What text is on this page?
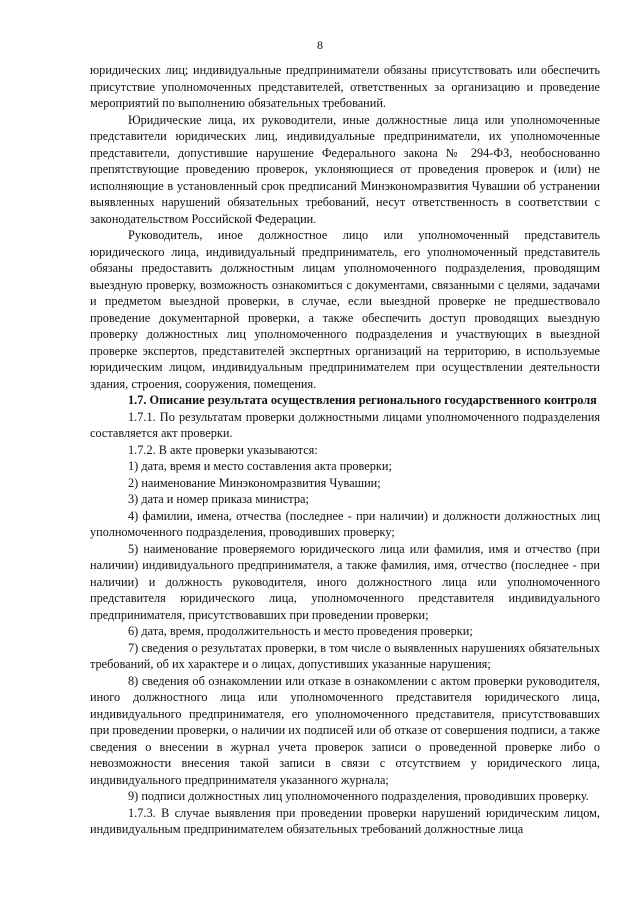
8

юридических лиц; индивидуальные предприниматели обязаны присутствовать или обеспечить присутствие уполномоченных представителей, ответственных за организацию и проведение мероприятий по выполнению обязательных требований.

Юридические лица, их руководители, иные должностные лица или уполномоченные представители юридических лиц, индивидуальные предприниматели, их уполномоченные представители, допустившие нарушение Федерального закона № 294-ФЗ, необоснованно препятствующие проведению проверок, уклоняющиеся от проведения проверок и (или) не исполняющие в установленный срок предписаний Минэкономразвития Чувашии об устранении выявленных нарушений обязательных требований, несут ответственность в соответствии с законодательством Российской Федерации.

Руководитель, иное должностное лицо или уполномоченный представитель юридического лица, индивидуальный предприниматель, его уполномоченный представитель обязаны предоставить должностным лицам уполномоченного подразделения, проводящим выездную проверку, возможность ознакомиться с документами, связанными с целями, задачами и предметом выездной проверки, в случае, если выездной проверке не предшествовало проведение документарной проверки, а также обеспечить доступ проводящих выездную проверку должностных лиц уполномоченного подразделения и участвующих в выездной проверке экспертов, представителей экспертных организаций на территорию, в используемые юридическим лицом, индивидуальным предпринимателем при осуществлении деятельности здания, строения, сооружения, помещения.

1.7. Описание результата осуществления регионального государственного контроля

1.7.1. По результатам проверки должностными лицами уполномоченного подразделения составляется акт проверки.

1.7.2. В акте проверки указываются:

1) дата, время и место составления акта проверки;

2) наименование Минэкономразвития Чувашии;

3) дата и номер приказа министра;

4) фамилии, имена, отчества (последнее - при наличии) и должности должностных лиц уполномоченного подразделения, проводивших проверку;

5) наименование проверяемого юридического лица или фамилия, имя и отчество (при наличии) индивидуального предпринимателя, а также фамилия, имя, отчество (последнее - при наличии) и должность руководителя, иного должностного лица или уполномоченного представителя юридического лица, уполномоченного представителя индивидуального предпринимателя, присутствовавших при проведении проверки;

6) дата, время, продолжительность и место проведения проверки;

7) сведения о результатах проверки, в том числе о выявленных нарушениях обязательных требований, об их характере и о лицах, допустивших указанные нарушения;

8) сведения об ознакомлении или отказе в ознакомлении с актом проверки руководителя, иного должностного лица или уполномоченного представителя юридического лица, индивидуального предпринимателя, его уполномоченного представителя, присутствовавших при проведении проверки, о наличии их подписей или об отказе от совершения подписи, а также сведения о внесении в журнал учета проверок записи о проведенной проверке либо о невозможности внесения такой записи в связи с отсутствием у юридического лица, индивидуального предпринимателя указанного журнала;

9) подписи должностных лиц уполномоченного подразделения, проводивших проверку.

1.7.3. В случае выявления при проведении проверки нарушений юридическим лицом, индивидуальным предпринимателем обязательных требований должностные лица
